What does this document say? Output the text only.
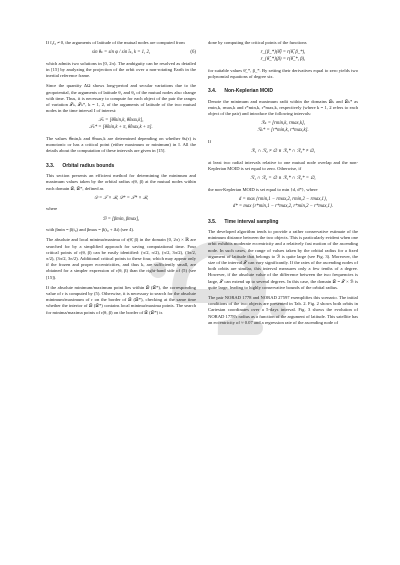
If ĩ₁ĩ₂ ≠ 0, the arguments of latitude of the mutual nodes are computed from

sin θₖ = sin φ / sin ĩₖ, k = 1, 2,	(6)

which admits two solutions in [0, 2π). The ambiguity can be resolved as detailed in [15] by analyzing the projection of the orbit over a non-rotating Earth in the inertial reference frame.

Since the quantity ΔΩ shows long-period and secular variations due to the geopotential, the arguments of latitude θ₁ and θ₂ of the mutual nodes also change with time. Thus, it is necessary to compute for each object of the pair the ranges of variation 𝒯ₖ, 𝒯ₖ*, k = 1, 2, of the arguments of latitude of the two mutual nodes in the time interval I of interest:

𝒯ₖ = [θ̂min,k, θ̂max,k],
𝒯ₖ* = [θ̂min,k + π, θ̂max,k + π].

The values θ̂min,k and θ̂max,k are determined depending on whether θₖ(τ) is monotonic or has a critical point (either maximum or minimum) in I. All the details about the computation of these intervals are given in [15].

3.3. Orbital radius bounds

This section presents an efficient method for determining the minimum and maximum values taken by the orbital radius r(θ, β) at the mutual nodes within each domain 𝒟, 𝒟*, defined as

𝒟 = 𝒯 × ℬ, 𝒟* = 𝒯* × ℬ,

where

ℬ = [βmin, βmax],

with βmin = β(t₀) and βmax = β(t₀ + Δt) (see 4).

The absolute and local minima/maxima of r(θ̃, β) in the domain [0, 2π) × ℝ are searched for by a simplified approach for saving computational time. Four critical points of r(θ, β) can be easily identified: (π/2, π/2), (π/2, 3π/2), (3π/2, π/2), (3π/2, 3π/2). Additional critical points to these four, which may appear only if the frozen and proper eccentricities, and thus k, are sufficiently small, are obtained for a simpler expression of r(θ, β) than the right-hand side of (5) (see [15]).

If the absolute minimum/maximum point lies within 𝒟 (𝒟*), the corresponding value of r is computed by (5). Otherwise, it is necessary to search for the absolute minimum/maximum of r on the border of 𝒟 (𝒟*), checking at the same time whether the interior of 𝒟 (𝒟*) contains local minima/maxima points. The search for minima/maxima points of r(θ, β) on the border of 𝒟 (𝒟*) is

done by computing the critical points of the functions

r_{β_*}(θ̃) = r(θ̃, β_*),
r_{θ̃_*}(β) = r(θ̃_*, β),

for suitable values θ̃_*, β_*. By setting their derivatives equal to zero yields two polynomial equations of degree six.

3.4. Non-Keplerian MOID

Denote the minimum and maximum radii within the domains 𝒟ₖ and 𝒟ₖ* as rmin,k, rmax,k and r*min,k, r*max,k, respectively (where k = 1, 2 refers to each object of the pair) and introduce the following intervals:

ℛₖ = [rmin,k, rmax,k],
ℛₖ* = [r*min,k, r*max,k].

If

ℛ₁ ∩ ℛ₂ ≠ ∅ ∨ ℛ₁* ∩ ℛ₂* ≠ ∅,

at least two radial intervals relative to one mutual node overlap and the non-Keplerian MOID is set equal to zero. Otherwise, if

ℛ₁ ∩ ℛ₂ = ∅ ∧ ℛ₁* ∩ ℛ₂* = ∅,

the non-Keplerian MOID is set equal to min {d, d*}, where

d = max {rmin,1 − rmax,2, rmin,2 − rmax,1},
d* = max {r*min,1 − r*max,2, r*min,2 − r*max,1}.
3.5. Time interval sampling

The developed algorithm tends to provide a rather conservative estimate of the minimum distance between the two objects. This is particularly evident when one orbit exhibits moderate eccentricity and a relatively fast motion of the ascending node. In such cases, the range of values taken by the orbital radius for a fixed argument of latitude that belongs to ℬ is quite large (see Fig. 3). Moreover, the size of the interval 𝒯 can vary significantly. If the rates of the ascending nodes of both orbits are similar, this interval measures only a few tenths of a degree. However, if the absolute value of the difference between the two frequencies is large, 𝒯 can extend up to several degrees. In this case, the domain 𝒟 = 𝒯 × ℬ is quite large, leading to highly conservative bounds of the orbital radius.

The pair NORAD 1778 and NORAD 27597 exemplifies this scenario. The initial conditions of the two objects are presented in Tab. 2. Fig. 2 shows both orbits in Cartesian coordinates over a 5-days interval. Fig. 3 shows the evolution of NORAD 1778's radius as a function of the argument of latitude. This satellite has an eccentricity of ≈ 0.07 and a regression rate of the ascending node of
